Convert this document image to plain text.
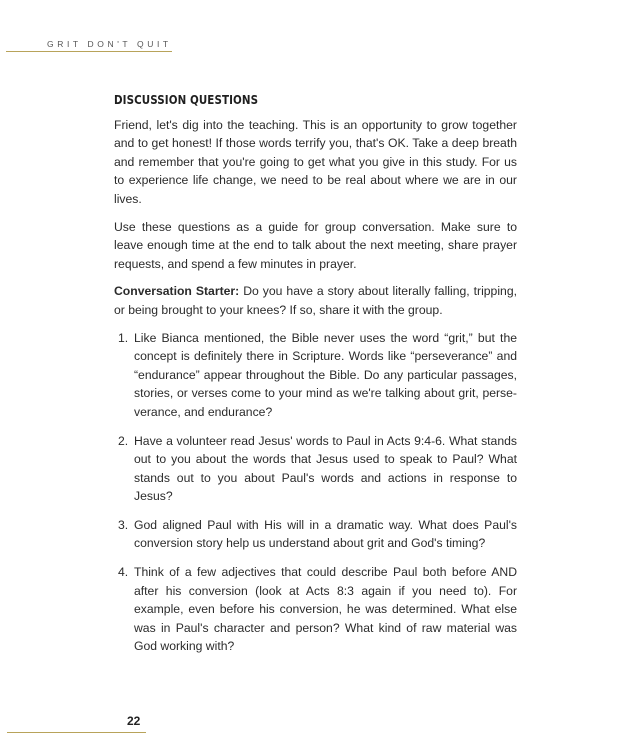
GRIT DON'T QUIT
DISCUSSION QUESTIONS

Friend, let's dig into the teaching. This is an opportunity to grow together and to get honest! If those words terrify you, that's OK. Take a deep breath and remember that you're going to get what you give in this study. For us to experience life change, we need to be real about where we are in our lives.

Use these questions as a guide for group conversation. Make sure to leave enough time at the end to talk about the next meeting, share prayer requests, and spend a few minutes in prayer.

Conversation Starter: Do you have a story about literally falling, tripping, or being brought to your knees? If so, share it with the group.

1. Like Bianca mentioned, the Bible never uses the word “grit,” but the concept is definitely there in Scripture. Words like “perseverance” and “endurance” appear throughout the Bible. Do any particular passages, stories, or verses come to your mind as we're talking about grit, perse-verance, and endurance?
2. Have a volunteer read Jesus' words to Paul in Acts 9:4-6. What stands out to you about the words that Jesus used to speak to Paul? What stands out to you about Paul's words and actions in response to Jesus?
3. God aligned Paul with His will in a dramatic way. What does Paul's conversion story help us understand about grit and God's timing?
4. Think of a few adjectives that could describe Paul both before AND after his conversion (look at Acts 8:3 again if you need to). For example, even before his conversion, he was determined. What else was in Paul's character and person? What kind of raw material was God working with?
22
